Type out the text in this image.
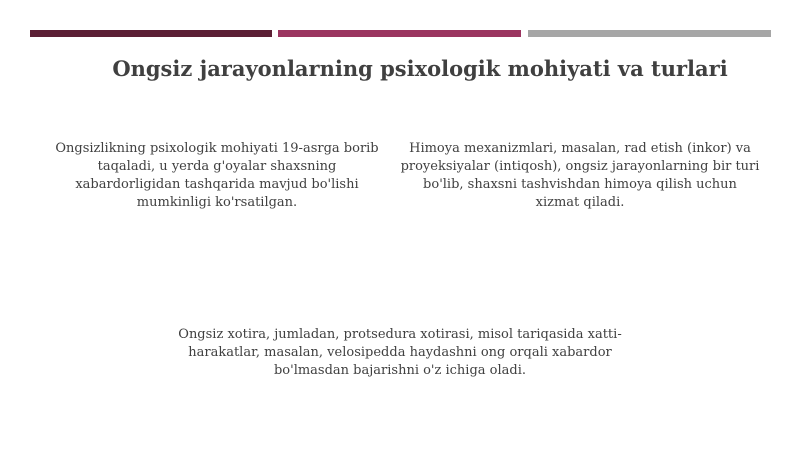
Ongsiz jarayonlarning psixologik mohiyati va turlari

Ongsizlikning psixologik mohiyati 19-asrga borib taqaladi, u yerda g'oyalar shaxsning xabardorligidan tashqarida mavjud bo'lishi mumkinligi ko'rsatilgan.

Himoya mexanizmlari, masalan, rad etish (inkor) va proyeksiyalar (intiqosh), ongsiz jarayonlarning bir turi bo'lib, shaxsni tashvishdan himoya qilish uchun xizmat qiladi.

Ongsiz xotira, jumladan, protsedura xotirasi, misol tariqasida xatti-harakatlar, masalan, velosipedda haydashni ong orqali xabardor bo'lmasdan bajarishni o'z ichiga oladi.
